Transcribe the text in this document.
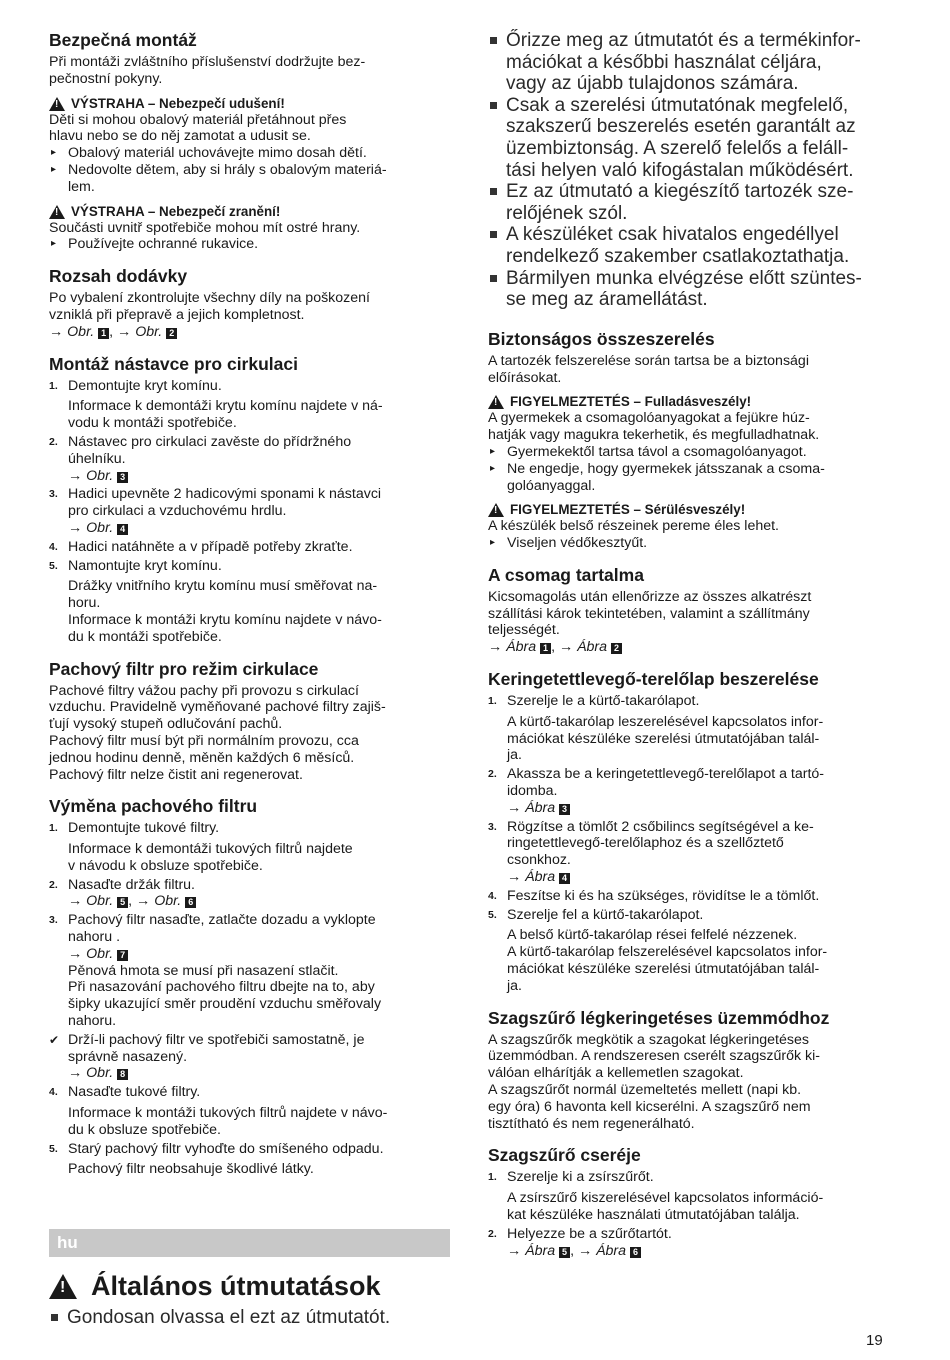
Bezpečná montáž

Při montáži zvláštního příslušenství dodržujte bez-

pečnostní pokyny.

!
VÝSTRAHA – Nebezpečí udušení!

Děti si mohou obalový materiál přetáhnout přes

hlavu nebo se do něj zamotat a udusit se.

▸ Obalový materiál uchovávejte mimo dosah dětí.
▸ Nedovolte dětem, aby si hrály s obalovým materiá-
lem.
!
VÝSTRAHA – Nebezpečí zranění!

Součásti uvnitř spotřebiče mohou mít ostré hrany.

▸ Používejte ochranné rukavice.
Rozsah dodávky

Po vybalení zkontrolujte všechny díly na poškození

vzniklá při přepravě a jejich kompletnost.

→ Obr. 1 , → Obr. 2

Montáž nástavce pro cirkulaci
1. Demontujte kryt komínu.
Informace k demontáži krytu komínu najdete v ná-
vodu k montáži spotřebiče.
2. Nástavec pro cirkulaci zavěste do přídržného
úhelníku.
→ Obr. 3
3. Hadici upevněte 2 hadicovými sponami k nástavci
pro cirkulaci a vzduchovému hrdlu.
→ Obr. 4
4. Hadici natáhněte a v případě potřeby zkraťte.
5. Namontujte kryt komínu.
Drážky vnitřního krytu komínu musí směřovat na-
horu.
Informace k montáži krytu komínu najdete v návo-
du k montáži spotřebiče.
Pachový filtr pro režim cirkulace

Pachové filtry vážou pachy při provozu s cirkulací

vzduchu. Pravidelně vyměňované pachové filtry zajiš-

ťují vysoký stupeň odlučování pachů.

Pachový filtr musí být při normálním provozu, cca

jednou hodinu denně, měněn každých 6 měsíců.

Pachový filtr nelze čistit ani regenerovat.

Výměna pachového filtru
1. Demontujte tukové filtry.
Informace k demontáži tukových filtrů najdete
v návodu k obsluze spotřebiče.
2. Nasaďte držák filtru.
→ Obr. 5 , → Obr. 6
3. Pachový filtr nasaďte, zatlačte dozadu a vyklopte
nahoru .
→ Obr. 7
Pěnová hmota se musí při nasazení stlačit.
Při nasazování pachového filtru dbejte na to, aby
šipky ukazující směr proudění vzduchu směřovaly
nahoru.
✔ Drží-li pachový filtr ve spotřebiči samostatně, je
správně nasazený.
→ Obr. 8
4. Nasaďte tukové filtry.
Informace k montáži tukových filtrů najdete v návo-
du k obsluze spotřebiče.
5. Starý pachový filtr vyhoďte do smíšeného odpadu.
Pachový filtr neobsahuje škodlivé látky.
hu
!
Általános útmutatások
Gondosan olvassa el ezt az útmutatót.
Őrizze meg az útmutatót és a termékinfor-
mációkat a későbbi használat céljára,
vagy az újabb tulajdonos számára.
Csak a szerelési útmutatónak megfelelő,
szakszerű beszerelés esetén garantált az
üzembiztonság. A szerelő felelős a feláll-
tási helyen való kifogástalan működésért.
Ez az útmutató a kiegészítő tartozék sze-
relőjének szól.
A készüléket csak hivatalos engedéllyel
rendelkező szakember csatlakoztathatja.
Bármilyen munka elvégzése előtt szüntes-
se meg az áramellátást.
Biztonságos összeszerelés

A tartozék felszerelése során tartsa be a biztonsági

előírásokat.

!
FIGYELMEZTETÉS – Fulladásveszély!

A gyermekek a csomagolóanyagokat a fejükre húz-

hatják vagy magukra tekerhetik, és megfulladhatnak.

▸ Gyermekektől tartsa távol a csomagolóanyagot.
▸ Ne engedje, hogy gyermekek játsszanak a csoma-
golóanyaggal.
!
FIGYELMEZTETÉS – Sérülésveszély!

A készülék belső részeinek pereme éles lehet.

▸ Viseljen védőkesztyűt.
A csomag tartalma

Kicsomagolás után ellenőrizze az összes alkatrészt

szállítási károk tekintetében, valamint a szállítmány

teljességét.

→ Ábra 1 , → Ábra 2

Keringetettlevegő-terelőlap beszerelése
1. Szerelje le a kürtő-takarólapot.
A kürtő-takarólap leszerelésével kapcsolatos infor-
mációkat készüléke szerelési útmutatójában talál-
ja.
2. Akassza be a keringetettlevegő-terelőlapot a tartó-
idomba.
→ Ábra 3
3. Rögzítse a tömlőt 2 csőbilincs segítségével a ke-
ringetettlevegő-terelőlaphoz és a szellőztető
csonkhoz.
→ Ábra 4
4. Feszítse ki és ha szükséges, rövidítse le a tömlőt.
5. Szerelje fel a kürtő-takarólapot.
A belső kürtő-takarólap rései felfelé nézzenek.
A kürtő-takarólap felszerelésével kapcsolatos infor-
mációkat készüléke szerelési útmutatójában talál-
ja.
Szagszűrő légkeringetéses üzemmódhoz

A szagszűrők megkötik a szagokat légkeringetéses

üzemmódban. A rendszeresen cserélt szagszűrők ki-

válóan elhárítják a kellemetlen szagokat.

A szagszűrőt normál üzemeltetés mellett (napi kb.

egy óra) 6 havonta kell kicserélni. A szagszűrő nem

tisztítható és nem regenerálható.

Szagszűrő cseréje
1. Szerelje ki a zsírszűrőt.
A zsírszűrő kiszerelésével kapcsolatos információ-
kat készüléke használati útmutatójában találja.
2. Helyezze be a szűrőtartót.
→ Ábra 5 , → Ábra 6
19
